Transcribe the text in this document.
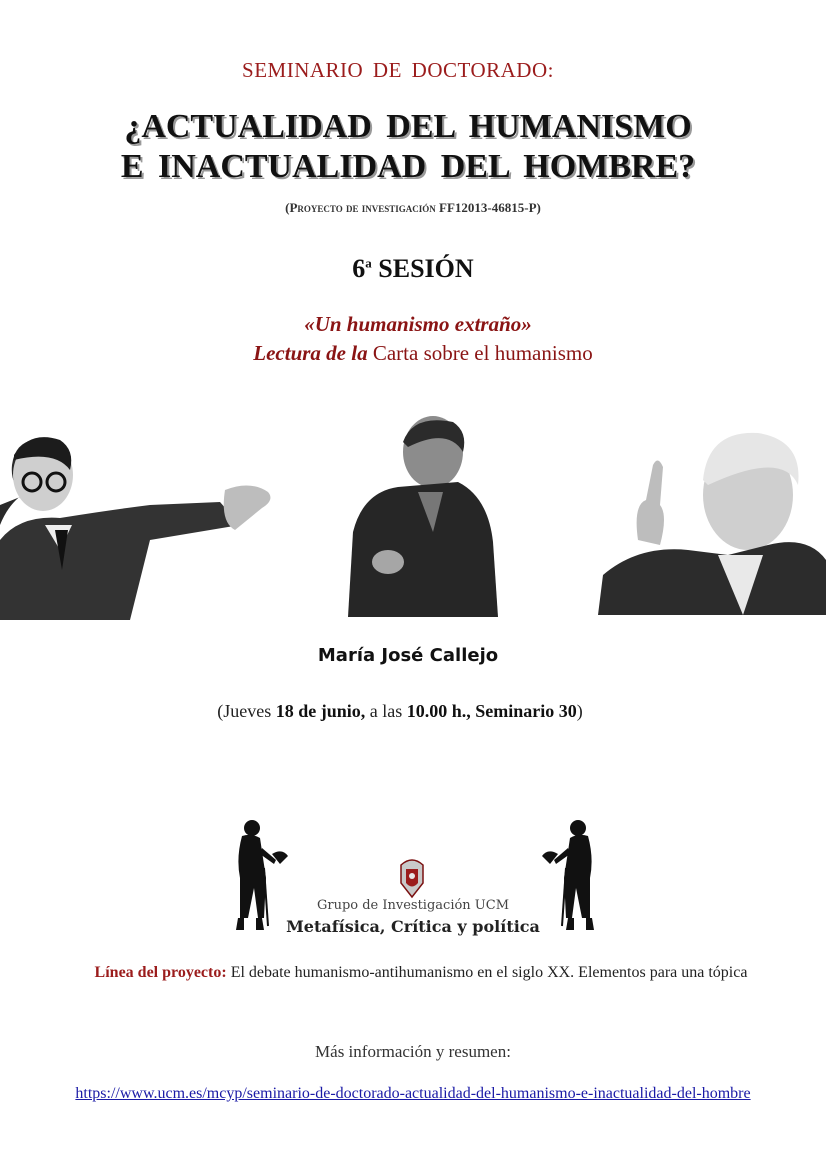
SEMINARIO DE DOCTORADO:
¿ACTUALIDAD DEL HUMANISMO
E INACTUALIDAD DEL HOMBRE?
(Proyecto de investigación FF12013-46815-P)
6$^a$ SESIÓN
«Un humanismo extraño»
Lectura de la Carta sobre el humanismo
María José Callejo
(Jueves 18 de junio, a las 10.00 h., Seminario 30)
Grupo de Investigación UCM
Metafísica, Crítica y política
Línea del proyecto: El debate humanismo-antihumanismo en el siglo XX. Elementos para una tópica
Más información y resumen:
https://www.ucm.es/mcyp/seminario-de-doctorado-actualidad-del-humanismo-e-inactualidad-del-hombre
